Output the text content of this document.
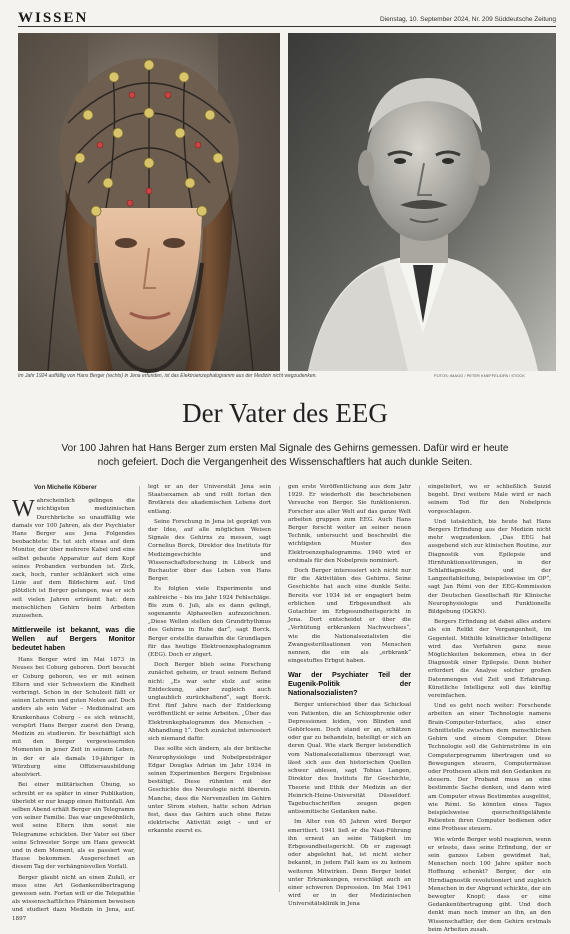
WISSEN	Dienstag, 10. September 2024, Nr. 209 Süddeutsche Zeitung
Im Jahr 1924 auffällig von Hans Berger (rechts) in Jena erfunden, ist das Elektroenzephalogramm aus der Medizin nicht wegzudenken.	FOTOS: IMAGO / PETER KNEFFEL/DPA / STOCK
Der Vater des EEG
Vor 100 Jahren hat Hans Berger zum ersten Mal Signale des Gehirns gemessen. Dafür wird er heute noch gefeiert. Doch die Vergangenheit des Wissenschaftlers hat auch dunkle Seiten.
Von Michelle Köberer

Wahrscheinlich gelingen die wichtigsten medizinischen Durchbrüche so unauffällig wie damals vor 100 Jahren, als der Psychiater Hans Berger aus Jena Folgendes beobachtete: Es tut sich etwas auf dem Monitor, der über mehrere Kabel und eine selbst gebaute Apparatur auf dem Kopf seines Probanden verbunden ist. Zick, zack, hoch, runter schlänkert sich eine Linie auf dem Bildschirm auf. Und plötzlich ist Berger gelungen, was er sich seit vielen Jahren erträumt hat: dem menschlichen Gehirn beim Arbeiten zuzusehen.

Mittlerweile ist bekannt, was die Wellen auf Bergers Monitor bedeutet haben

Hans Berger wird im Mai 1873 in Neuses bei Coburg geboren. Dort besucht er Coburg geboren, wo er mit seinen Eltern und vier Schwestern die Kindheit verbringt. Schon in der Schulzeit fällt er seinen Lehrern und guten Noten auf. Doch anders als sein Vater – Medizinalrat am Krankenhaus Coburg – es sich wünscht, verspürt Hans Berger zuerst den Drang, Medizin zu studieren. Er beschäftigt sich mit den Berger vergewissernden Momenten in jener Zeit in seinem Leben, in der er als damals 19-jähriger in Würzburg eine Offiziersausbildung absolviert.

Bei einer militärischen Übung, so schreibt er es später in einer Publikation, überlebt er nur knapp einen Reitunfall. Am selben Abend erhält Berger ein Telegramm von seiner Familie. Das war ungewöhnlich, weil seine Eltern ihm sonst nie Telegramme schickten. Der Vater sei über seine Schwester Sorge um Hans geweckt und in dem Moment, als es passiert war, Hause bekommen. Ausgerechnet an diesem Tag der verhängnisvollen Vorfall.

Berger glaubt nicht an einen Zufall, er muss eine Art Gedankenübertragung gewesen sein. Fortan will er die Telepathie als wissenschaftliches Phänomen beweisen und studiert dazu Medizin in Jena, auf. 1897

legt er an der Universität Jena sein Staatsexamen ab und rollt fortan den Brotkreis des akademischen Lebens dort entlang.

Seine Forschung in Jena ist geprägt von der Idee, auf alle möglichen Weisen Signale des Gehirns zu messen, sagt Cornelius Borck, Direktor des Instituts für Medizingeschichte und Wissenschaftsforschung in Lübeck und Buchautor über das Leben von Hans Berger.

Es folgten viele Experimente und zahlreiche – bis ins Jahr 1924 Fehlschläge. Bis zum 6. Juli, als es dann gelingt, sogenannte Alphawellen aufzuzeichnen. „Diese Wellen stellen den Grundrhythmus des Gehirns in Ruhe dar“, sagt Borck. Berger erstellte daraufhin die Grundlagen für das heutige Elektroenzephalogramm (EEG). Doch er zögert.

Doch Berger blieb seine Forschung zunächst geheim, er traut seinem Befund nicht: „Es war sehr stolz auf seine Entdeckung, aber zugleich auch unglaublich zurückhaltend“, sagt Borck. Erst fünf Jahre nach der Entdeckung veröffentlicht er seine Arbeiten. „Über das Elektrenkephalogramm des Menschen – Abhandlung 1“. Doch zunächst interessiert sich niemand dafür.

Das sollte sich ändern, als der britische Neurophysiologe und Nobelpreisträger Edgar Douglas Adrian im Jahr 1934 in seinen Experimenten Bergers Ergebnisse bestätigt. Diese rühmten mit der Geschichte des Neurologie nicht überein. Manche, dass die Nervenzellen im Gehirn unter Strom stehen, hatte schon Adrian fest, dass das Gehirn auch ohne Reize elektrische Aktivität zeigt – und er erkannte zuerst es.

gen erste Veröffentlichung aus dem Jahr 1929. Er wiederholt die beschriebenen Versuche von Berger. Sie funktionieren. Forscher aus aller Welt auf das ganze Welt arbeiten gruppen zum EEG. Auch Hans Berger forscht weiter an seiner neuen Technik, untersucht und beschreibt die wichtigsten Muster des Elektroenzephalogramms. 1940 wird er erstmals für den Nobelpreis nominiert.

Doch Berger interessiert sich nicht nur für die Aktivitäten des Gehirns. Seine Geschichte hat auch eine dunkle Seite. Bereits vor 1934 ist er engagiert beim erblichen und Erbgesundheit als Gutachter im Erbgesundheitsgericht in Jena. Dort entscheidet er über die „Verhütung erbkranken Nachwuchses“, wie die Nationalsozialisten die Zwangssterilisationen von Menschen nennen, die ein als „erbkrank“ eingestuftes Erbgut haben.

War der Psychiater Teil der Eugenik-Politik der Nationalsozialisten?

Berger unterschied über das Schicksal von Patienten, die an Schizophrenie oder Depressionen leiden, von Blinden und Gehörlosen. Doch stand er an, schätzen oder gar zu behandeln, beteiligt er sich an deren Qual. Wie stark Berger leistendlich vom Nationalsozialismus überzeugt war, lässt sich aus den historischen Quellen schwer ablesen, sagt Tobias Langen, Direktor des Instituts für Geschichte, Theorie und Ethik der Medizin an der Heinrich-Heine-Universität Düsseldorf. Tagebuchschriften zeugen gegen antisemitische Gedanken nahe.

Im Alter von 65 Jahren wird Berger emeritiert. 1941 ließ er die Nazi-Führung ihn erneut an seine Tätigkeit im Erbgesundheitsgericht. Ob er zugesagt oder abgelehnt hat, ist nicht sicher bekannt, in jedem Fall kam es zu keinem weiteren Mitwirken. Denn Berger leidet unter Erkrankungen, verschlägt auch an einer schweren Depression. Im Mai 1941 wird er in der Medizinischen Universitätsklinik in Jena

eingeliefert, wo er schließlich Suizid begeht. Drei weitere Male wird er nach seinem Tod für den Nobelpreis vorgeschlagen.

Und tatsächlich, bis heute hat Hans Bergers Erfindung aus der Medizin nicht mehr wegzudenken. „Das EEG hat ausgehend sich zur klinischen Routine, zur Diagnostik von Epilepsie und Hirnfunktionsstörungen, in der Schlafdiagnostik und der Langzeitableitung, beispielsweise im OP“, sagt Jan Rémi von der EEG-Kommission der Deutschen Gesellschaft für Klinische Neurophysiologie und Funktionelle Bildgebung (DGKN).

Bergers Erfindung ist dabei alles andere als ein Relikt der Vergangenheit, im Gegenteil. Mithilfe künstlicher Intelligenz wird das Verfahren ganz neue Möglichkeiten bekommen, etwa in der Diagnostik einer Epilepsie. Denn bisher erfordert die Analyse solcher großen Datenmengen viel Zeit und Erfahrung. Künstliche Intelligenz soll das künftig vereinfachen.

Und es geht noch weiter: Forschende arbeiten an einer Technologie namens Brain-Computer-Interface, also einer Schnittstelle zwischen dem menschlichen Gehirn und einem Computer. Diese Technologie soll die Gehirnströme in ein Computerprogramm übertragen und so Bewegungen steuern, Computermäuse oder Prothesen allein mit den Gedanken zu steuern. Der Proband muss an eine bestimmte Sache denken, und dann wird am Computer etwas Bestimmtes ausgelöst, wie Rémi. So könnten eines Tages beispielsweise querschnittgelähmte Patienten ihren Computer bedienen oder eine Prothese steuern.

Wie würde Berger wohl reagieren, wenn er wüsste, dass seine Erfindung, der er sein ganzes Leben gewidmet hat, Menschen noch 100 Jahre später noch Hoffnung schenkt? Berger, der ein Hirndiagnostik revolutioniert und zugleich Menschen in der Abgrund schickte, der ein bewegter Knopf; dass er eine Gedankenübertragung gibt. Und doch denkt man noch immer an ihn, an den Wissenschaftler, der dem Gehirn erstmals beim Arbeiten zusah.
